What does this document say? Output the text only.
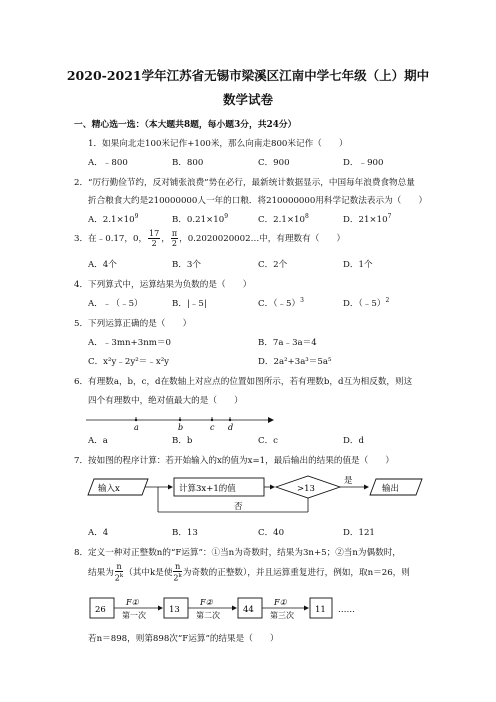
2020-2021学年江苏省无锡市梁溪区江南中学七年级（上）期中
数学试卷
一、精心选一选：（本大题共8题，每小题3分，共24分）
1．如果向北走100米记作+100米，那么向南走800米记作（　　）
A．﹣800	B．800	C．900	D．﹣900
2．“厉行勤俭节约，反对铺张浪费”势在必行，最新统计数据显示，中国每年浪费食物总量
折合粮食大约是210000000人一年的口粮．将210000000用科学记数法表示为（　　）
A．$2.1\times 10^9$	B．$0.21\times 10^9$	C．$2.1\times 10^8$	D．$21\times 10^7$
3．在﹣0.17，0， $\frac{17}{2}$ ， $\frac{\pi}{2}$ ，0.2020020002…中，有理数有（　　）
A．4个	B．3个	C．2个	D．1个
4．下列算式中，运算结果为负数的是（　　）
A．﹣（﹣5）	B．|﹣5|	C．（﹣5）$^3$	D．（﹣5）$^2$
5．下列运算正确的是（　　）
A．﹣3mn+3nm＝0	B．7a﹣3a＝4
C．x²y﹣2y²＝﹣x²y	D．2a²+3a³＝5a⁵
6．有理数a，b，c，d在数轴上对应点的位置如图所示，若有理数b，d互为相反数，则这
四个有理数中，绝对值最大的是（　　）
a	b	c d
A．a	B．b	C．c	D．d
7．按如图的程序计算：若开始输入的x的值为x=1，最后输出的结果的值是（　　）
输入x	计算3x+1的值	>13
是
输出
否
A．4	B．13	C．40	D．121
8．定义一种对正整数n的“F运算”：①当n为奇数时，结果为3n+5；②当n为偶数时，
结果为 $\frac{n}{2^k}$ （其中k是使 $\frac{n}{2^k}$ 为奇数的正整数），并且运算重复进行，例如，取n＝26，则
26
F①
第一次
13
F②
第二次
44
F①
第三次
11 ……
若n＝898，则第898次“F运算”的结果是（　　）
